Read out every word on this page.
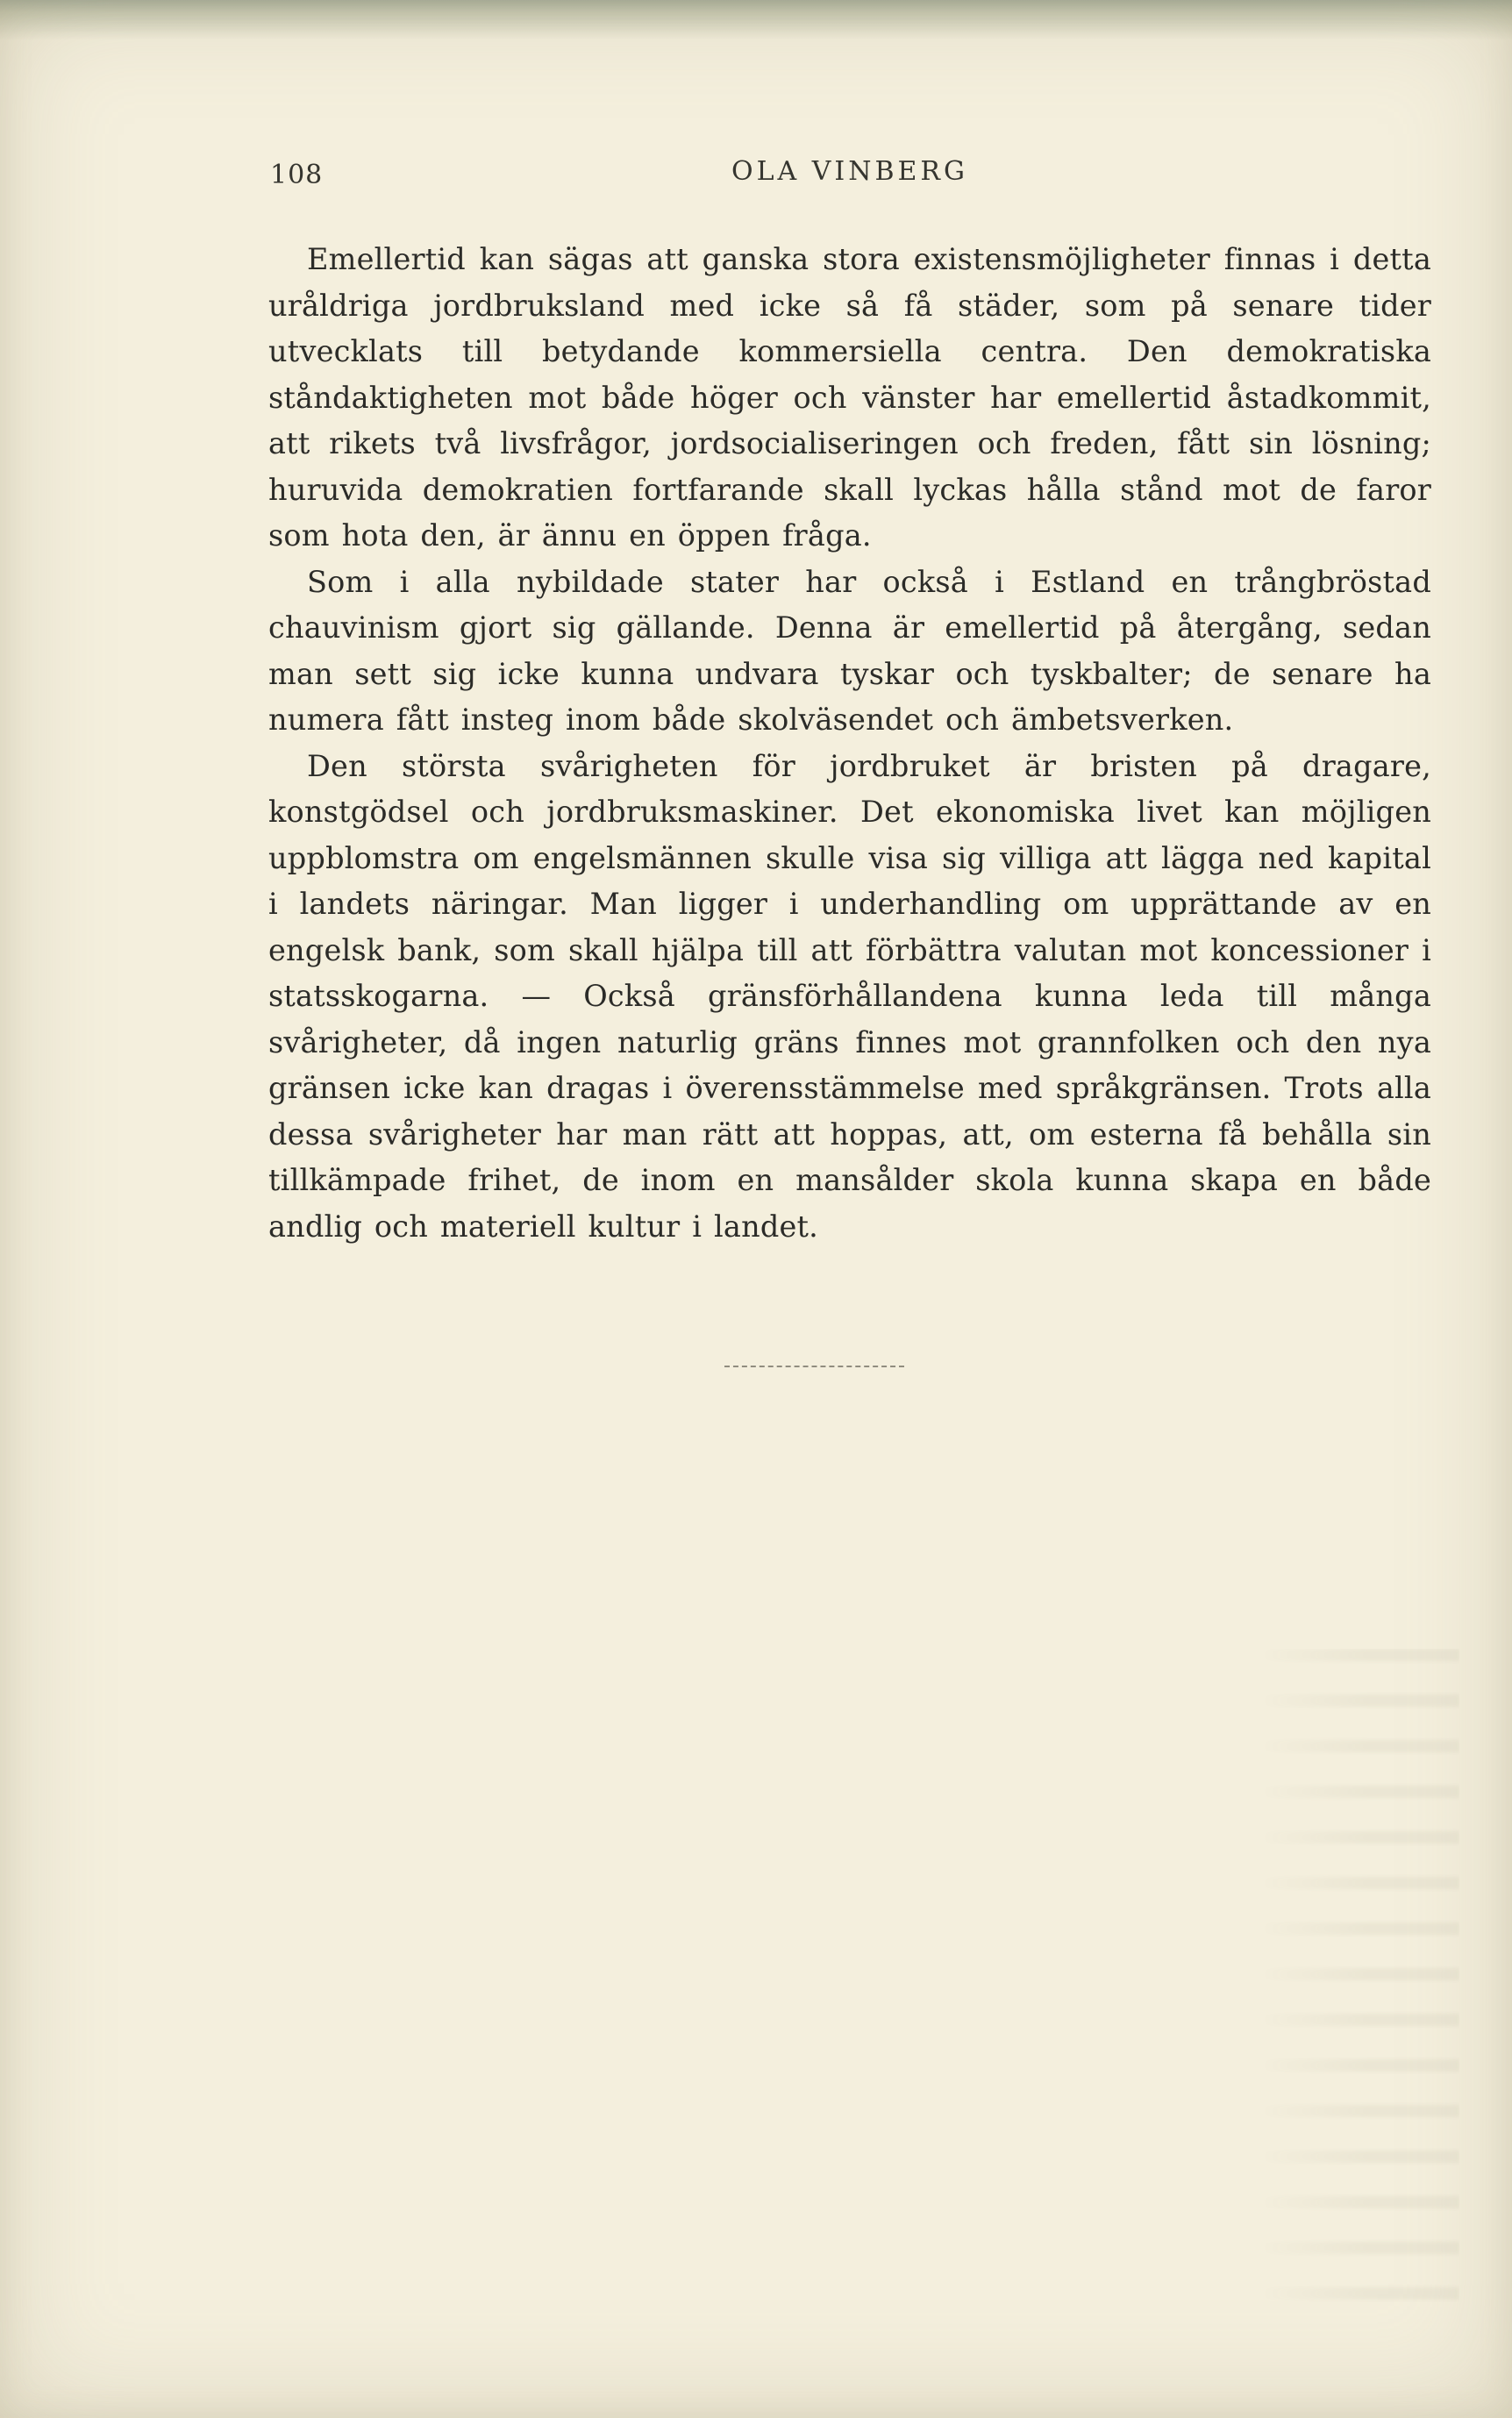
108	OLA VINBERG

Emellertid kan sägas att ganska stora existensmöjligheter finnas i detta uråldriga jordbruksland med icke så få städer, som på senare tider utvecklats till betydande kommersiella centra. Den demokratiska ståndaktigheten mot både höger och vänster har emellertid åstadkommit, att rikets två livsfrågor, jordsocialiseringen och freden, fått sin lösning; huruvida demokratien fortfarande skall lyckas hålla stånd mot de faror som hota den, är ännu en öppen fråga.

Som i alla nybildade stater har också i Estland en trångbröstad chauvinism gjort sig gällande. Denna är emellertid på återgång, sedan man sett sig icke kunna undvara tyskar och tyskbalter; de senare ha numera fått insteg inom både skolväsendet och ämbetsverken.

Den största svårigheten för jordbruket är bristen på dragare, konstgödsel och jordbruksmaskiner. Det ekonomiska livet kan möjligen uppblomstra om engelsmännen skulle visa sig villiga att lägga ned kapital i landets näringar. Man ligger i underhandling om upprättande av en engelsk bank, som skall hjälpa till att förbättra valutan mot koncessioner i statsskogarna. — Också gränsförhållandena kunna leda till många svårigheter, då ingen naturlig gräns finnes mot grannfolken och den nya gränsen icke kan dragas i överensstämmelse med språkgränsen. Trots alla dessa svårigheter har man rätt att hoppas, att, om esterna få behålla sin tillkämpade frihet, de inom en mansålder skola kunna skapa en både andlig och materiell kultur i landet.
